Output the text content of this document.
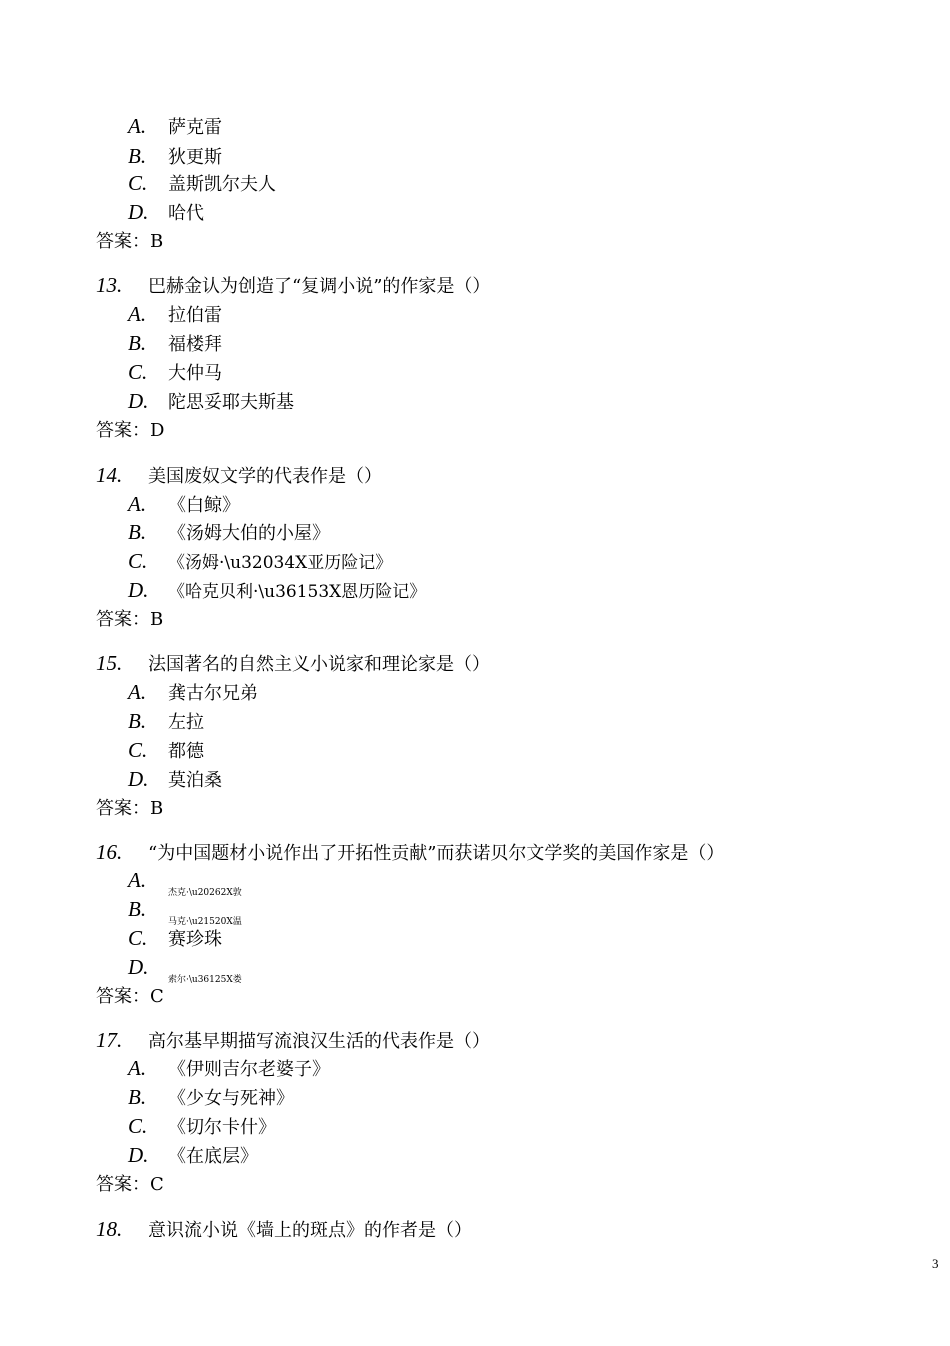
A. 萨克雷
B. 狄更斯
C. 盖斯凯尔夫人
D. 哈代
答案：B
13. 巴赫金认为创造了“复调小说”的作家是（）
A. 拉伯雷
B. 福楼拜
C. 大仲马
D. 陀思妥耶夫斯基
答案：D
14. 美国废奴文学的代表作是（）
A. 《白鲸》
B. 《汤姆大伯的小屋》
C. 《汤姆·\u32034X亚历险记》
D. 《哈克贝利·\u36153X恩历险记》
答案：B
15. 法国著名的自然主义小说家和理论家是（）
A. 龚古尔兄弟
B. 左拉
C. 都德
D. 莫泊桑
答案：B
16. “为中国题材小说作出了开拓性贡献”而获诺贝尔文学奖的美国作家是（）
A.
杰克·\u20262X敦
B.
马克·\u21520X温
C. 赛珍珠
D.
索尔·\u36125X娄
答案：C
17. 高尔基早期描写流浪汉生活的代表作是（）
A. 《伊则吉尔老婆子》
B. 《少女与死神》
C. 《切尔卡什》
D. 《在底层》
答案：C
18. 意识流小说《墙上的斑点》的作者是（）
3
